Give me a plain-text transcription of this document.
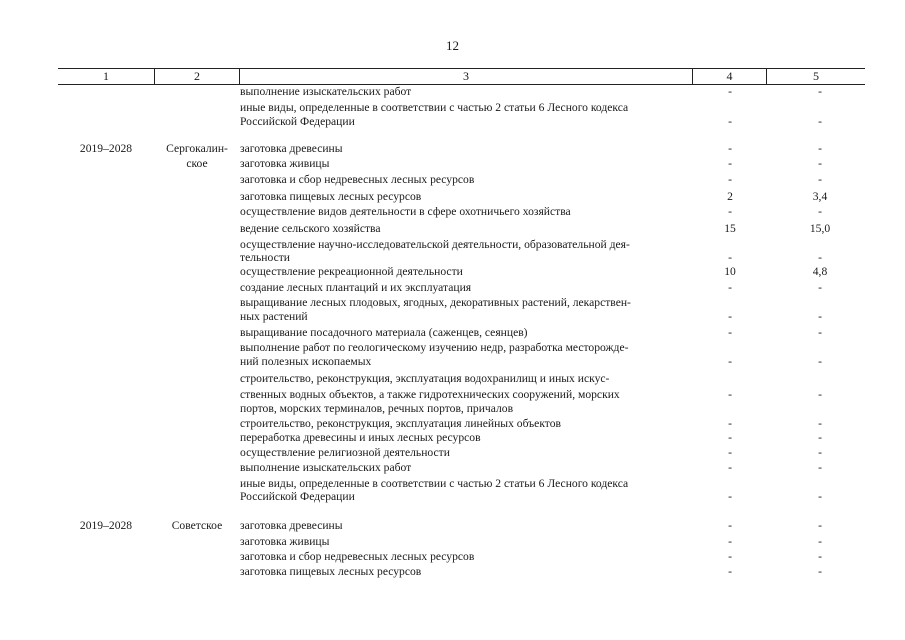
12
1	2	3	4	5
выполнение изыскательских работ	-	-
иные виды, определенные в соответствии с частью 2 статьи 6 Лесного кодекса
Российской Федерации	-	-
2019–2028	Сергокалин-	заготовка древесины	-	-
ское	заготовка живицы	-	-
заготовка и сбор недревесных лесных ресурсов	-	-
заготовка пищевых лесных ресурсов	2	3,4
осуществление видов деятельности в сфере охотничьего хозяйства	-	-
ведение сельского хозяйства	15	15,0
осуществление научно-исследовательской деятельности, образовательной дея-
тельности	-	-
осуществление рекреационной деятельности	10	4,8
создание лесных плантаций и их эксплуатация	-	-
выращивание лесных плодовых, ягодных, декоративных растений, лекарствен-
ных растений	-	-
выращивание посадочного материала (саженцев, сеянцев)	-	-
выполнение работ по геологическому изучению недр, разработка месторожде-
ний полезных ископаемых	-	-
строительство, реконструкция, эксплуатация водохранилищ и иных искус-
ственных водных объектов, а также гидротехнических сооружений, морских	-	-
портов, морских терминалов, речных портов, причалов
строительство, реконструкция, эксплуатация линейных объектов	-	-
переработка древесины и иных лесных ресурсов	-	-
осуществление религиозной деятельности	-	-
выполнение изыскательских работ	-	-
иные виды, определенные в соответствии с частью 2 статьи 6 Лесного кодекса
Российской Федерации	-	-
2019–2028	Советское	заготовка древесины	-	-
заготовка живицы	-	-
заготовка и сбор недревесных лесных ресурсов	-	-
заготовка пищевых лесных ресурсов	-	-
